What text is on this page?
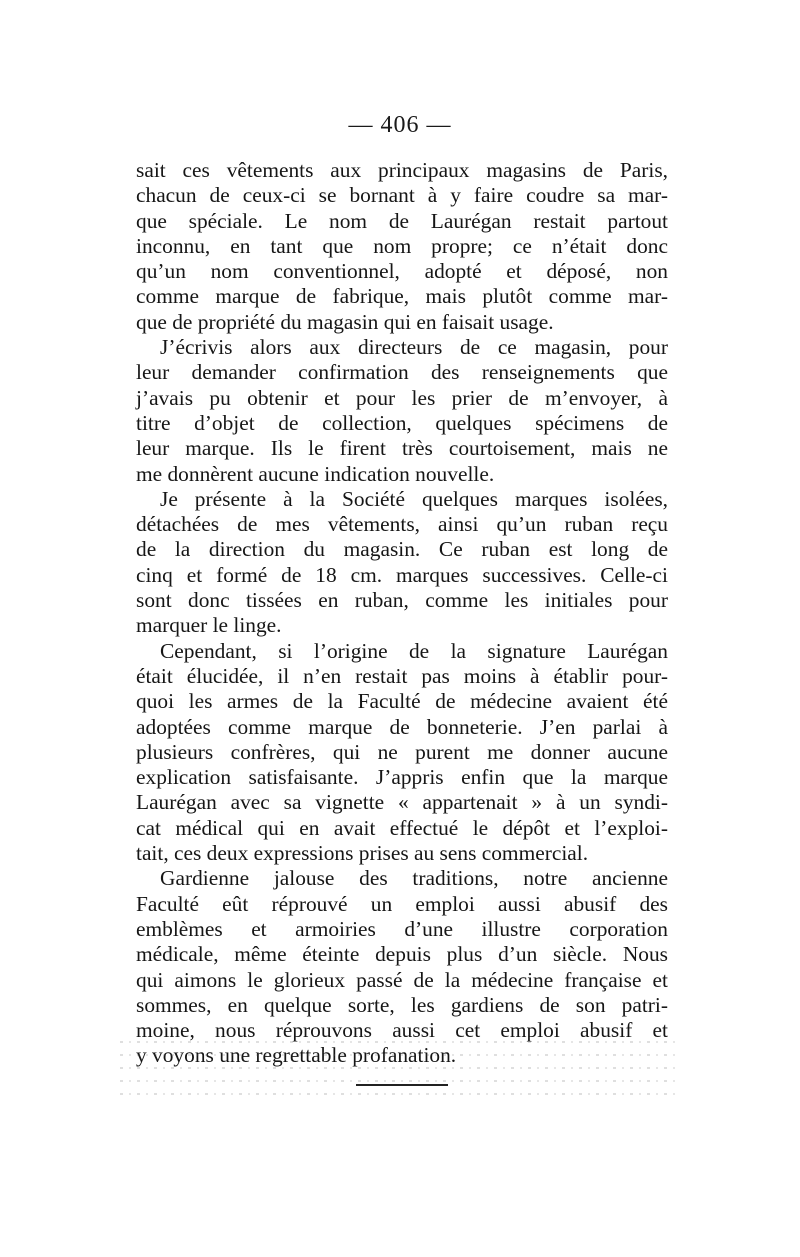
— 406 —
sait ces vêtements aux principaux magasins de Paris,
chacun de ceux-ci se bornant à y faire coudre sa mar-
que spéciale. Le nom de Laurégan restait partout
inconnu, en tant que nom propre; ce n’était donc
qu’un nom conventionnel, adopté et déposé, non
comme marque de fabrique, mais plutôt comme mar-
que de propriété du magasin qui en faisait usage.
J’écrivis alors aux directeurs de ce magasin, pour
leur demander confirmation des renseignements que
j’avais pu obtenir et pour les prier de m’envoyer, à
titre d’objet de collection, quelques spécimens de
leur marque. Ils le firent très courtoisement, mais ne
me donnèrent aucune indication nouvelle.
Je présente à la Société quelques marques isolées,
détachées de mes vêtements, ainsi qu’un ruban reçu
de la direction du magasin. Ce ruban est long de
cinq et formé de 18 cm. marques successives. Celle-ci
sont donc tissées en ruban, comme les initiales pour
marquer le linge.
Cependant, si l’origine de la signature Laurégan
était élucidée, il n’en restait pas moins à établir pour-
quoi les armes de la Faculté de médecine avaient été
adoptées comme marque de bonneterie. J’en parlai à
plusieurs confrères, qui ne purent me donner aucune
explication satisfaisante. J’appris enfin que la marque
Laurégan avec sa vignette « appartenait » à un syndi-
cat médical qui en avait effectué le dépôt et l’exploi-
tait, ces deux expressions prises au sens commercial.
Gardienne jalouse des traditions, notre ancienne
Faculté eût réprouvé un emploi aussi abusif des
emblèmes et armoiries d’une illustre corporation
médicale, même éteinte depuis plus d’un siècle. Nous
qui aimons le glorieux passé de la médecine française et
sommes, en quelque sorte, les gardiens de son patri-
moine, nous réprouvons aussi cet emploi abusif et
y voyons une regrettable profanation.
